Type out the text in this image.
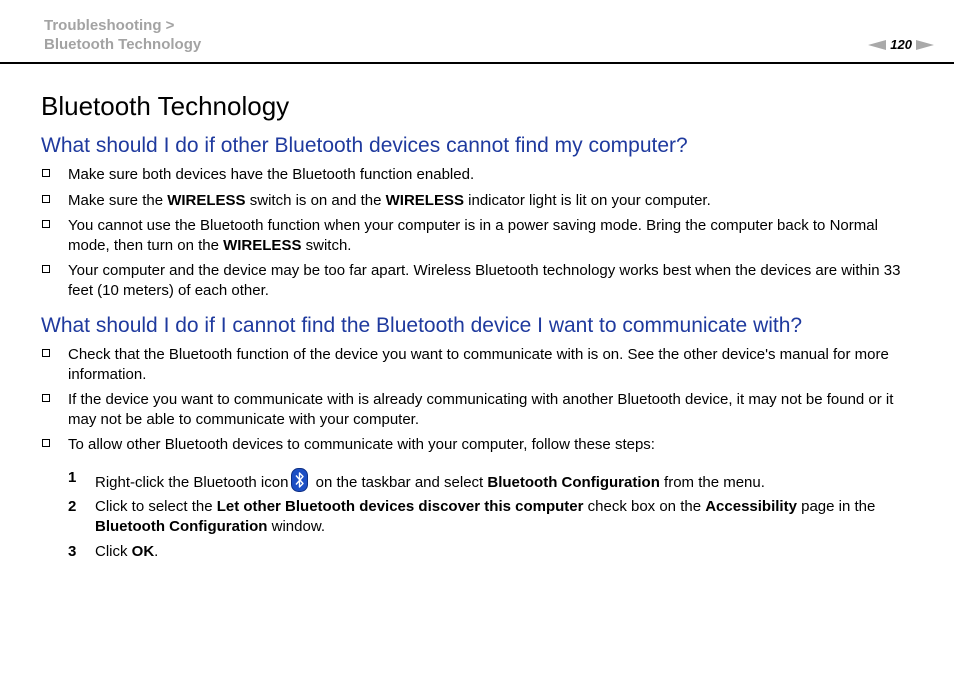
Troubleshooting >
Bluetooth Technology	120
Bluetooth Technology
What should I do if other Bluetooth devices cannot find my computer?
Make sure both devices have the Bluetooth function enabled.
Make sure the WIRELESS switch is on and the WIRELESS indicator light is lit on your computer.
You cannot use the Bluetooth function when your computer is in a power saving mode. Bring the computer back to Normal mode, then turn on the WIRELESS switch.
Your computer and the device may be too far apart. Wireless Bluetooth technology works best when the devices are within 33 feet (10 meters) of each other.
What should I do if I cannot find the Bluetooth device I want to communicate with?
Check that the Bluetooth function of the device you want to communicate with is on. See the other device's manual for more information.
If the device you want to communicate with is already communicating with another Bluetooth device, it may not be found or it may not be able to communicate with your computer.
To allow other Bluetooth devices to communicate with your computer, follow these steps:
1 Right-click the Bluetooth icon on the taskbar and select Bluetooth Configuration from the menu.
2 Click to select the Let other Bluetooth devices discover this computer check box on the Accessibility page in the Bluetooth Configuration window.
3 Click OK.
